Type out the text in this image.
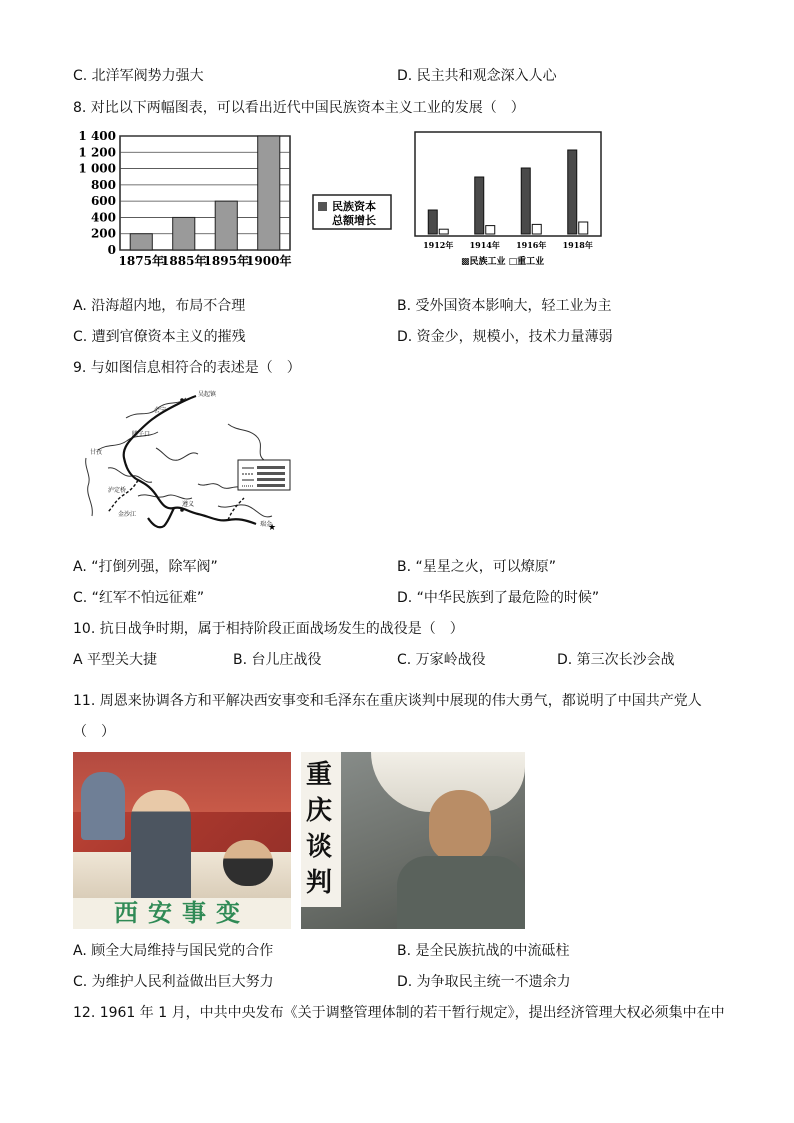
C. 北洋军阀势力强大	D. 民主共和观念深入人心
8. 对比以下两幅图表，可以看出近代中国民族资本主义工业的发展（　）
0
200
400
600
800
1 000
1 200
1 400
1875年
1885年
1895年
1900年
民族资本
总额增长
1912年 1914年 1916年 1918年
▩民族工业 □重工业
A. 沿海超内地，布局不合理	B. 受外国资本影响大，轻工业为主
C. 遭到官僚资本主义的摧残	D. 资金少，规模小，技术力量薄弱
9. 与如图信息相符合的表述是（　）
吴起镇
会宁
腊子口
甘孜
泸定桥
金沙江
遵义
瑞金
★
A. “打倒列强，除军阀”	B. “星星之火，可以燎原”
C. “红军不怕远征难”	D. “中华民族到了最危险的时候”
10. 抗日战争时期，属于相持阶段正面战场发生的战役是（　）
A 平型关大捷	B. 台儿庄战役	C. 万家岭战役	D. 第三次长沙会战
11. 周恩来协调各方和平解决西安事变和毛泽东在重庆谈判中展现的伟大勇气，都说明了中国共产党人
（　）
西安事变
重
庆
谈
判
A. 顾全大局维持与国民党的合作	B. 是全民族抗战的中流砥柱
C. 为维护人民利益做出巨大努力	D. 为争取民主统一不遗余力
12. 1961 年 1 月，中共中央发布《关于调整管理体制的若干暂行规定》，提出经济管理大权必须集中在中
